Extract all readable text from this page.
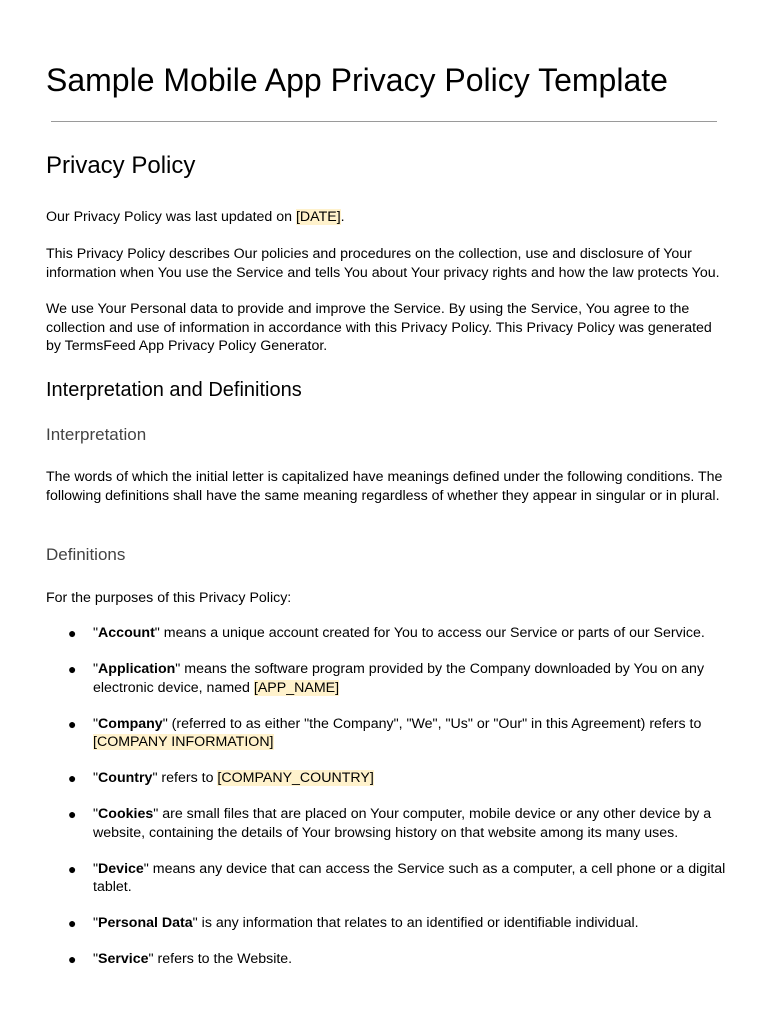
Sample Mobile App Privacy Policy Template
Privacy Policy

Our Privacy Policy was last updated on [DATE].

This Privacy Policy describes Our policies and procedures on the collection, use and disclosure of Your information when You use the Service and tells You about Your privacy rights and how the law protects You.

We use Your Personal data to provide and improve the Service. By using the Service, You agree to the collection and use of information in accordance with this Privacy Policy. This Privacy Policy was generated by TermsFeed App Privacy Policy Generator.

Interpretation and Definitions
Interpretation

The words of which the initial letter is capitalized have meanings defined under the following conditions. The following definitions shall have the same meaning regardless of whether they appear in singular or in plural.

Definitions

For the purposes of this Privacy Policy:

● "Account" means a unique account created for You to access our Service or parts of our Service.
● "Application" means the software program provided by the Company downloaded by You on any electronic device, named [APP_NAME]
● "Company" (referred to as either "the Company", "We", "Us" or "Our" in this Agreement) refers to [COMPANY INFORMATION]
● "Country" refers to [COMPANY_COUNTRY]
● "Cookies" are small files that are placed on Your computer, mobile device or any other device by a website, containing the details of Your browsing history on that website among its many uses.
● "Device" means any device that can access the Service such as a computer, a cell phone or a digital tablet.
● "Personal Data" is any information that relates to an identified or identifiable individual.
● "Service" refers to the Website.
